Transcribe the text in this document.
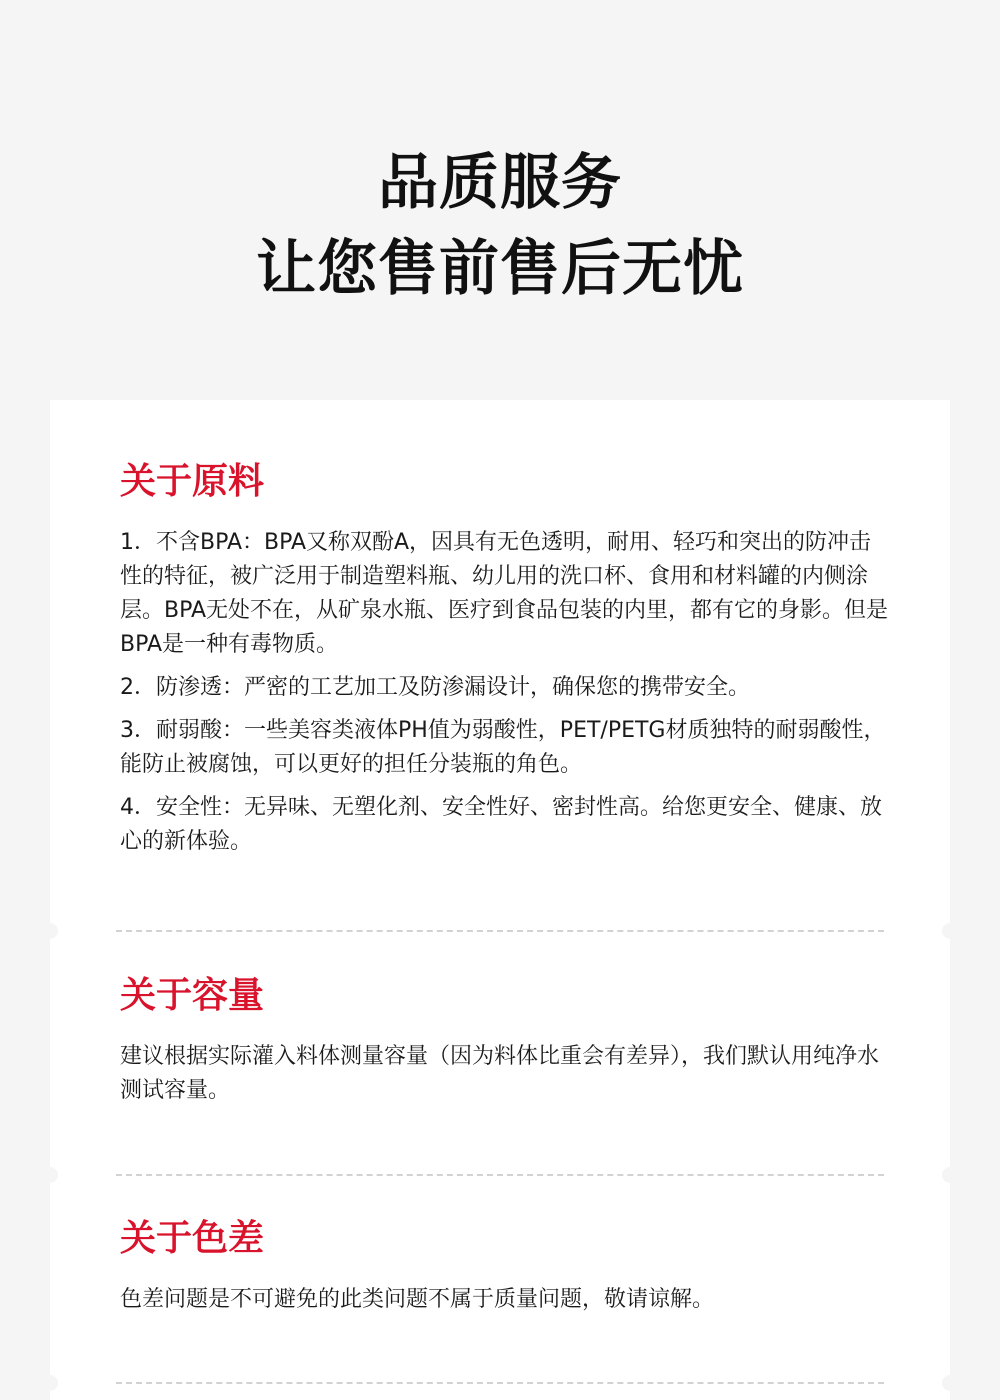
品质服务
让您售前售后无忧
关于原料

1．不含BPA：BPA又称双酚A，因具有无色透明，耐用、轻巧和突出的防冲击性的特征，被广泛用于制造塑料瓶、幼儿用的洗口杯、食用和材料罐的内侧涂层。BPA无处不在，从矿泉水瓶、医疗到食品包装的内里，都有它的身影。但是BPA是一种有毒物质。

2．防渗透：严密的工艺加工及防渗漏设计，确保您的携带安全。

3．耐弱酸：一些美容类液体PH值为弱酸性，PET/PETG材质独特的耐弱酸性，能防止被腐蚀，可以更好的担任分装瓶的角色。

4．安全性：无异味、无塑化剂、安全性好、密封性高。给您更安全、健康、放心的新体验。

关于容量

建议根据实际灌入料体测量容量（因为料体比重会有差异），我们默认用纯净水测试容量。

关于色差

色差问题是不可避免的此类问题不属于质量问题，敬请谅解。
